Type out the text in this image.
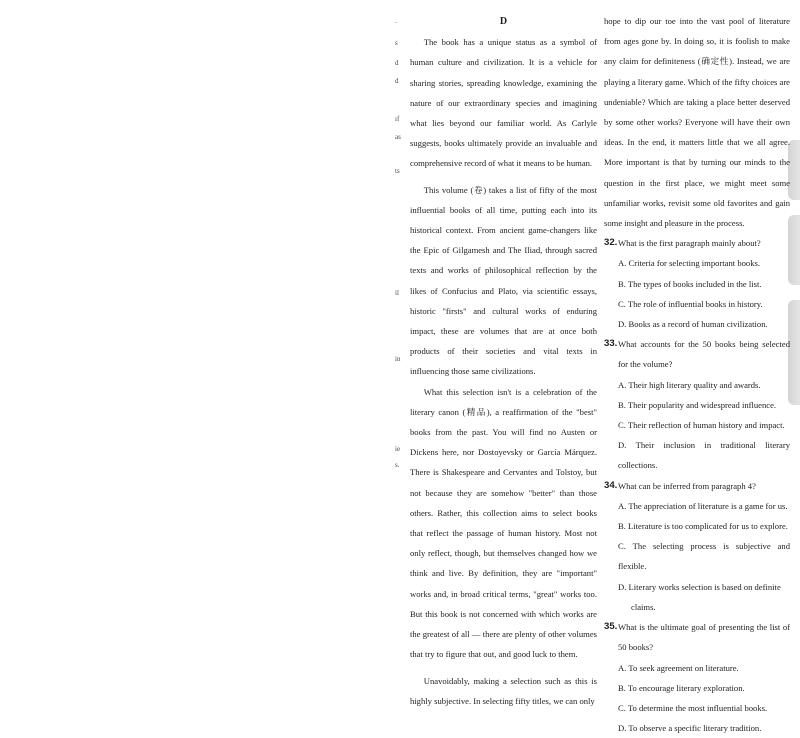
`
s
d
d
ıf
as
ts
il
in
ie
s.

D

The book has a unique status as a symbol of human culture and civilization. It is a vehicle for sharing stories, spreading knowledge, examining the nature of our extraordinary species and imagining what lies beyond our familiar world. As Carlyle suggests, books ultimately provide an invaluable and comprehensive record of what it means to be human.

This volume (卷) takes a list of fifty of the most influential books of all time, putting each into its historical context. From ancient game-changers like the Epic of Gilgamesh and The Iliad, through sacred texts and works of philosophical reflection by the likes of Confucius and Plato, via scientific essays, historic "firsts" and cultural works of enduring impact, these are volumes that are at once both products of their societies and vital texts in influencing those same civilizations.

What this selection isn't is a celebration of the literary canon (精品), a reaffirmation of the "best" books from the past. You will find no Austen or Dickens here, nor Dostoyevsky or García Márquez. There is Shakespeare and Cervantes and Tolstoy, but not because they are somehow "better" than those others. Rather, this collection aims to select books that reflect the passage of human history. Most not only reflect, though, but themselves changed how we think and live. By definition, they are "important" works and, in broad critical terms, "great" works too. But this book is not concerned with which works are the greatest of all — there are plenty of other volumes that try to figure that out, and good luck to them.

Unavoidably, making a selection such as this is highly subjective. In selecting fifty titles, we can only

hope to dip our toe into the vast pool of literature from ages gone by. In doing so, it is foolish to make any claim for definiteness (确定性). Instead, we are playing a literary game. Which of the fifty choices are undeniable? Which are taking a place better deserved by some other works? Everyone will have their own ideas. In the end, it matters little that we all agree. More important is that by turning our minds to the question in the first place, we might meet some unfamiliar works, revisit some old favorites and gain some insight and pleasure in the process.

32. What is the first paragraph mainly about?

A. Criteria for selecting important books.

B. The types of books included in the list.

C. The role of influential books in history.

D. Books as a record of human civilization.

33. What accounts for the 50 books being selected for the volume?

A. Their high literary quality and awards.

B. Their popularity and widespread influence.

C. Their reflection of human history and impact.

D. Their inclusion in traditional literary collections.

34. What can be inferred from paragraph 4?

A. The appreciation of literature is a game for us.

B. Literature is too complicated for us to explore.

C. The selecting process is subjective and flexible.

D. Literary works selection is based on definite

claims.

35. What is the ultimate goal of presenting the list of 50 books?

A. To seek agreement on literature.

B. To encourage literary exploration.

C. To determine the most influential books.

D. To observe a specific literary tradition.
